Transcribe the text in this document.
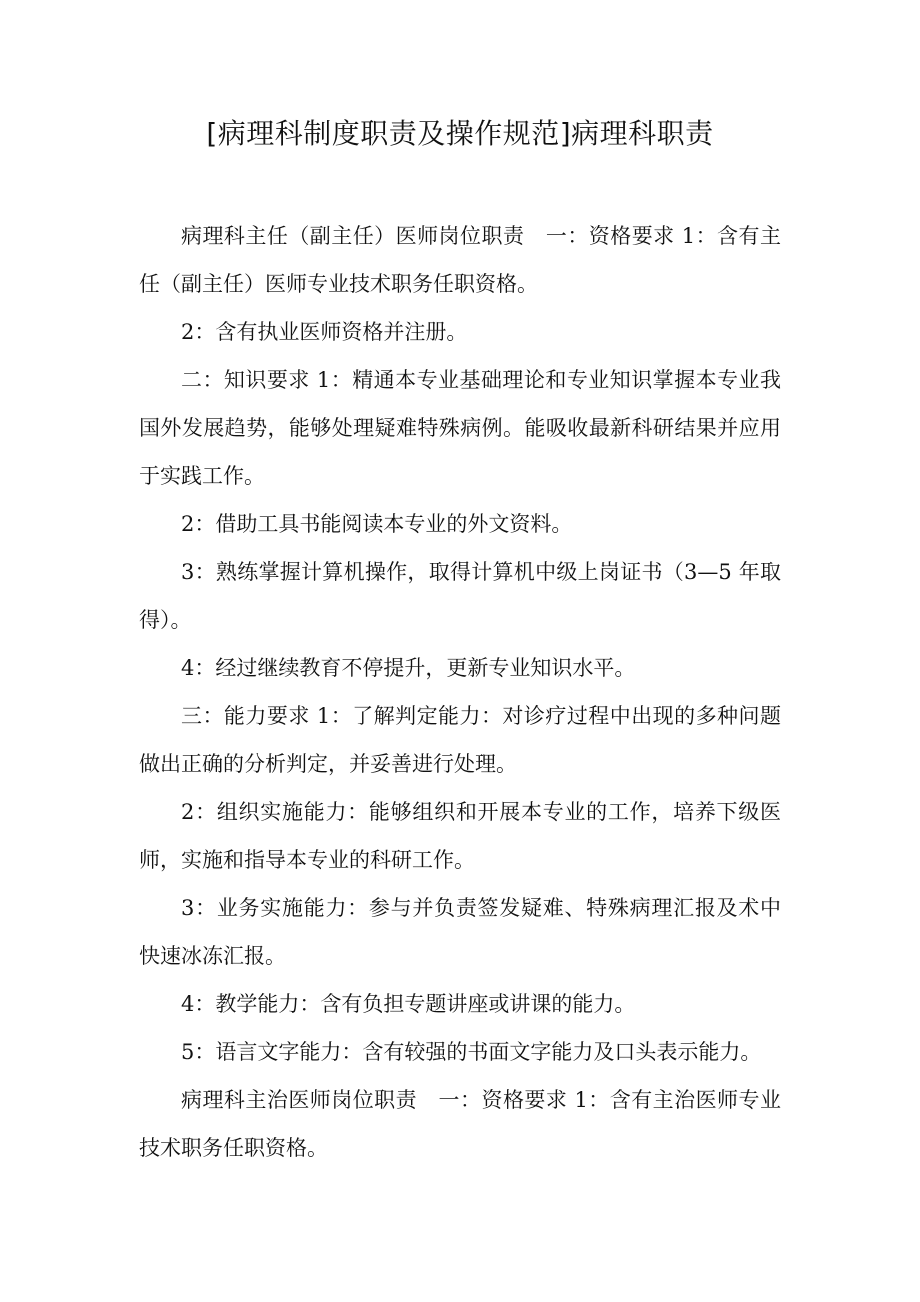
[病理科制度职责及操作规范]病理科职责

病理科主任（副主任）医师岗位职责　一：资格要求 1：含有主任（副主任）医师专业技术职务任职资格。

2：含有执业医师资格并注册。

二：知识要求 1：精通本专业基础理论和专业知识掌握本专业我国外发展趋势，能够处理疑难特殊病例。能吸收最新科研结果并应用于实践工作。

2：借助工具书能阅读本专业的外文资料。

3：熟练掌握计算机操作，取得计算机中级上岗证书（3—5 年取得）。

4：经过继续教育不停提升，更新专业知识水平。

三：能力要求 1：了解判定能力：对诊疗过程中出现的多种问题做出正确的分析判定，并妥善进行处理。

2：组织实施能力：能够组织和开展本专业的工作，培养下级医师，实施和指导本专业的科研工作。

3：业务实施能力：参与并负责签发疑难、特殊病理汇报及术中快速冰冻汇报。

4：教学能力：含有负担专题讲座或讲课的能力。

5：语言文字能力：含有较强的书面文字能力及口头表示能力。

病理科主治医师岗位职责　一：资格要求 1：含有主治医师专业技术职务任职资格。
